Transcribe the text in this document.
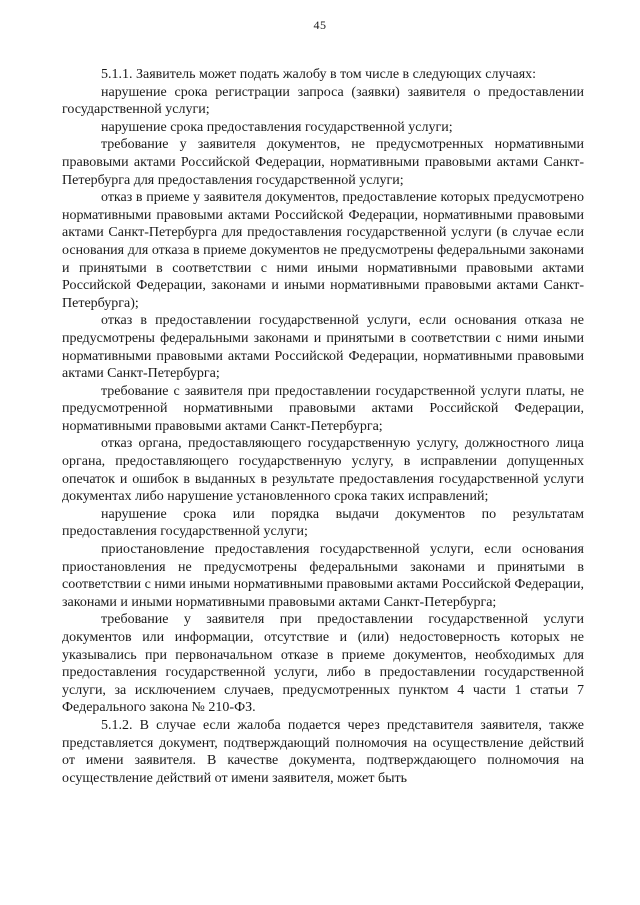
45

5.1.1. Заявитель может подать жалобу в том числе в следующих случаях:

нарушение срока регистрации запроса (заявки) заявителя о предоставлении государственной услуги;

нарушение срока предоставления государственной услуги;

требование у заявителя документов, не предусмотренных нормативными правовыми актами Российской Федерации, нормативными правовыми актами Санкт-Петербурга для предоставления государственной услуги;

отказ в приеме у заявителя документов, предоставление которых предусмотрено нормативными правовыми актами Российской Федерации, нормативными правовыми актами Санкт-Петербурга для предоставления государственной услуги (в случае если основания для отказа в приеме документов не предусмотрены федеральными законами и принятыми в соответствии с ними иными нормативными правовыми актами Российской Федерации, законами и иными нормативными правовыми актами Санкт-Петербурга);

отказ в предоставлении государственной услуги, если основания отказа не предусмотрены федеральными законами и принятыми в соответствии с ними иными нормативными правовыми актами Российской Федерации, нормативными правовыми актами Санкт-Петербурга;

требование с заявителя при предоставлении государственной услуги платы, не предусмотренной нормативными правовыми актами Российской Федерации, нормативными правовыми актами Санкт-Петербурга;

отказ органа, предоставляющего государственную услугу, должностного лица органа, предоставляющего государственную услугу, в исправлении допущенных опечаток и ошибок в выданных в результате предоставления государственной услуги документах либо нарушение установленного срока таких исправлений;

нарушение срока или порядка выдачи документов по результатам предоставления государственной услуги;

приостановление предоставления государственной услуги, если основания приостановления не предусмотрены федеральными законами и принятыми в соответствии с ними иными нормативными правовыми актами Российской Федерации, законами и иными нормативными правовыми актами Санкт-Петербурга;

требование у заявителя при предоставлении государственной услуги документов или информации, отсутствие и (или) недостоверность которых не указывались при первоначальном отказе в приеме документов, необходимых для предоставления государственной услуги, либо в предоставлении государственной услуги, за исключением случаев, предусмотренных пунктом 4 части 1 статьи 7 Федерального закона № 210-ФЗ.

5.1.2. В случае если жалоба подается через представителя заявителя, также представляется документ, подтверждающий полномочия на осуществление действий от имени заявителя. В качестве документа, подтверждающего полномочия на осуществление действий от имени заявителя, может быть
